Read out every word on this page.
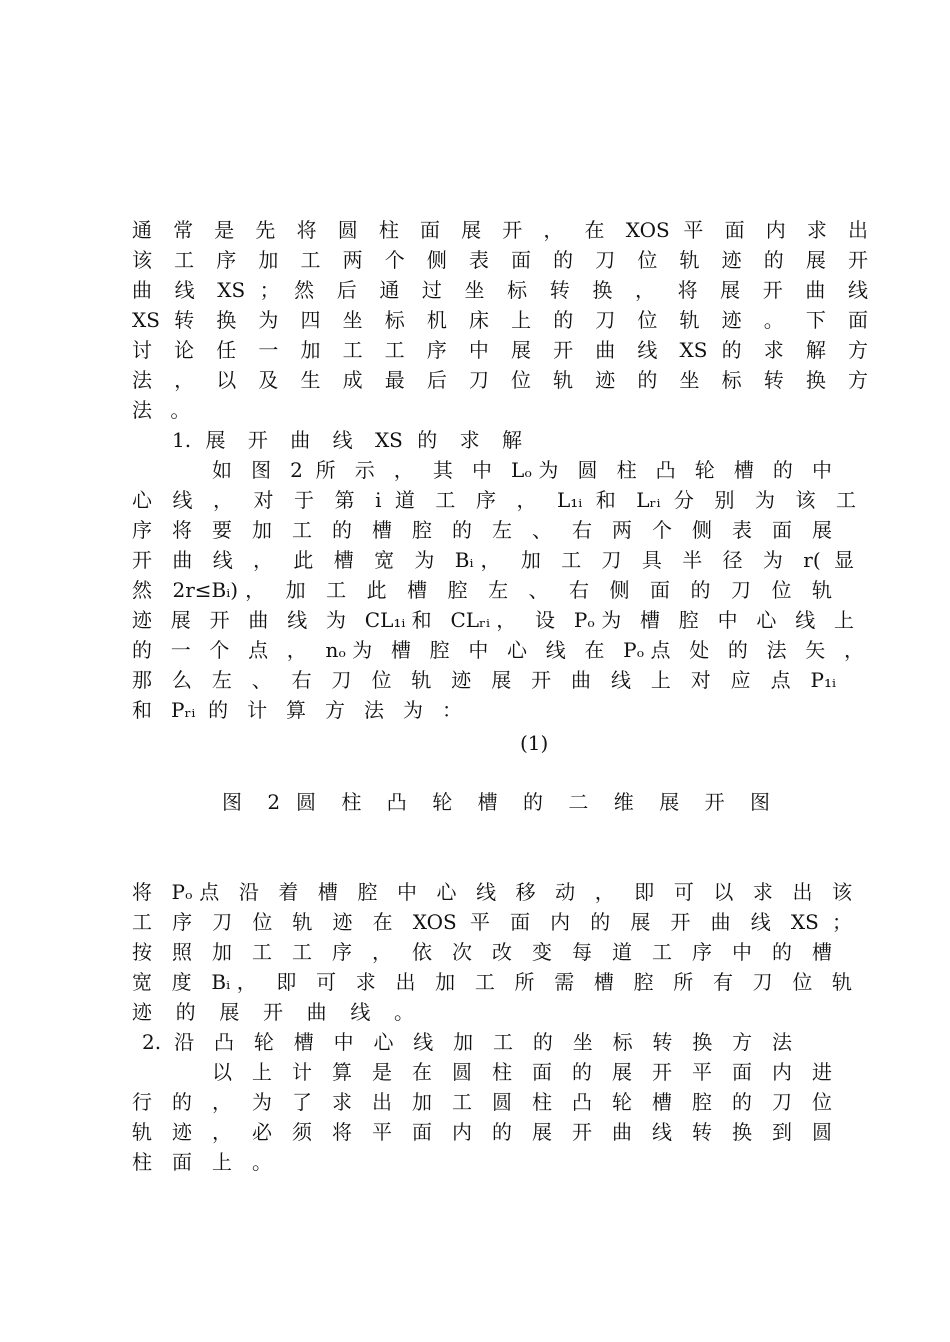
通 常 是 先 将 圆 柱 面 展 开 ， 在 XOS 平 面 内 求 出
该 工 序 加 工 两 个 侧 表 面 的 刀 位 轨 迹 的 展 开
曲 线 XS ； 然 后 通 过 坐 标 转 换 ， 将 展 开 曲 线
XS 转 换 为 四 坐 标 机 床 上 的 刀 位 轨 迹 。 下 面
讨 论 任 一 加 工 工 序 中 展 开 曲 线 XS 的 求 解 方
法 ， 以 及 生 成 最 后 刀 位 轨 迹 的 坐 标 转 换 方
法 。
1. 展 开 曲 线 XS 的 求 解
如 图 2 所 示 ， 其 中 Lₒ为 圆 柱 凸 轮 槽 的 中
心 线 ， 对 于 第 i 道 工 序 ， L₁ᵢ 和 Lᵣᵢ 分 别 为 该 工
序 将 要 加 工 的 槽 腔 的 左 、 右 两 个 侧 表 面 展
开 曲 线 ， 此 槽 宽 为 Bᵢ， 加 工 刀 具 半 径 为 r( 显
然 2r≤Bᵢ)， 加 工 此 槽 腔 左 、 右 侧 面 的 刀 位 轨
迹 展 开 曲 线 为 CL₁ᵢ和 CLᵣᵢ， 设 Pₒ为 槽 腔 中 心 线 上
的 一 个 点 ， nₒ为 槽 腔 中 心 线 在 Pₒ点 处 的 法 矢 ，
那 么 左 、 右 刀 位 轨 迹 展 开 曲 线 上 对 应 点 P₁ᵢ
和 Pᵣᵢ 的 计 算 方 法 为 ：
(1)
图 2 圆 柱 凸 轮 槽 的 二 维 展 开 图
将 Pₒ点 沿 着 槽 腔 中 心 线 移 动 ， 即 可 以 求 出 该
工 序 刀 位 轨 迹 在 XOS 平 面 内 的 展 开 曲 线 XS ；
按 照 加 工 工 序 ， 依 次 改 变 每 道 工 序 中 的 槽
宽 度 Bᵢ， 即 可 求 出 加 工 所 需 槽 腔 所 有 刀 位 轨
迹 的 展 开 曲 线 。
2. 沿 凸 轮 槽 中 心 线 加 工 的 坐 标 转 换 方 法
以 上 计 算 是 在 圆 柱 面 的 展 开 平 面 内 进
行 的 ， 为 了 求 出 加 工 圆 柱 凸 轮 槽 腔 的 刀 位
轨 迹 ， 必 须 将 平 面 内 的 展 开 曲 线 转 换 到 圆
柱 面 上 。
